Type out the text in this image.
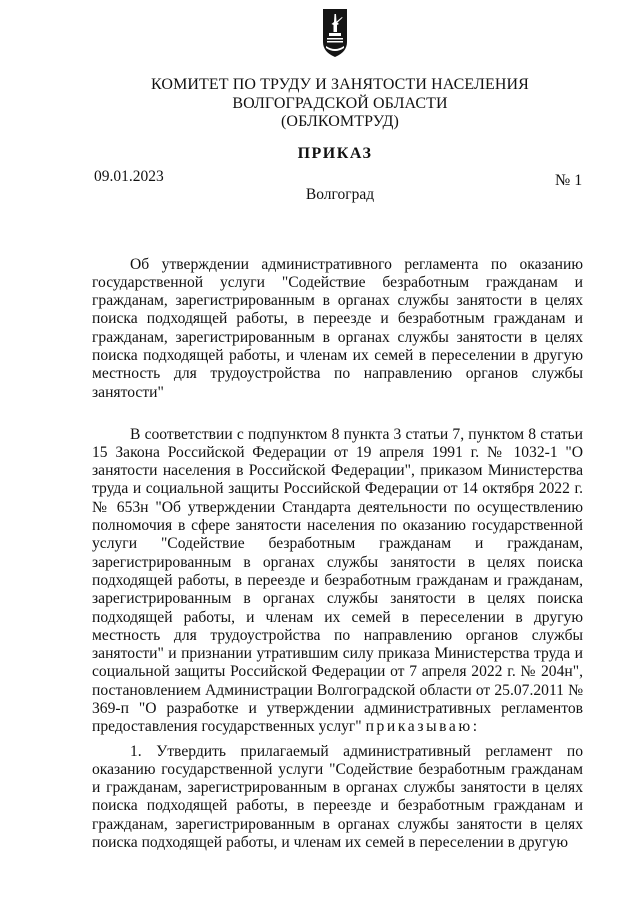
КОМИТЕТ ПО ТРУДУ И ЗАНЯТОСТИ НАСЕЛЕНИЯ
ВОЛГОГРАДСКОЙ ОБЛАСТИ
(ОБЛКОМТРУД)
ПРИКАЗ
09.01.2023	№ 1
Волгоград

Об утверждении административного регламента по оказанию государственной услуги "Содействие безработным гражданам и гражданам, зарегистрированным в органах службы занятости в целях поиска подходящей работы, в переезде и безработным гражданам и гражданам, зарегистрированным в органах службы занятости в целях поиска подходящей работы, и членам их семей в переселении в другую местность для трудоустройства по направлению органов службы занятости"

В соответствии с подпунктом 8 пункта 3 статьи 7, пунктом 8 статьи 15 Закона Российской Федерации от 19 апреля 1991 г. № 1032-1 "О занятости населения в Российской Федерации", приказом Министерства труда и социальной защиты Российской Федерации от 14 октября 2022 г. № 653н "Об утверждении Стандарта деятельности по осуществлению полномочия в сфере занятости населения по оказанию государственной услуги "Содействие безработным гражданам и гражданам, зарегистрированным в органах службы занятости в целях поиска подходящей работы, в переезде и безработным гражданам и гражданам, зарегистрированным в органах службы занятости в целях поиска подходящей работы, и членам их семей в переселении в другую местность для трудоустройства по направлению органов службы занятости" и признании утратившим силу приказа Министерства труда и социальной защиты Российской Федерации от 7 апреля 2022 г. № 204н", постановлением Администрации Волгоградской области от 25.07.2011 № 369-п "О разработке и утверждении административных регламентов предоставления государственных услуг" приказываю:

1. Утвердить прилагаемый административный регламент по оказанию государственной услуги "Содействие безработным гражданам и гражданам, зарегистрированным в органах службы занятости в целях поиска подходящей работы, в переезде и безработным гражданам и гражданам, зарегистрированным в органах службы занятости в целях поиска подходящей работы, и членам их семей в переселении в другую
